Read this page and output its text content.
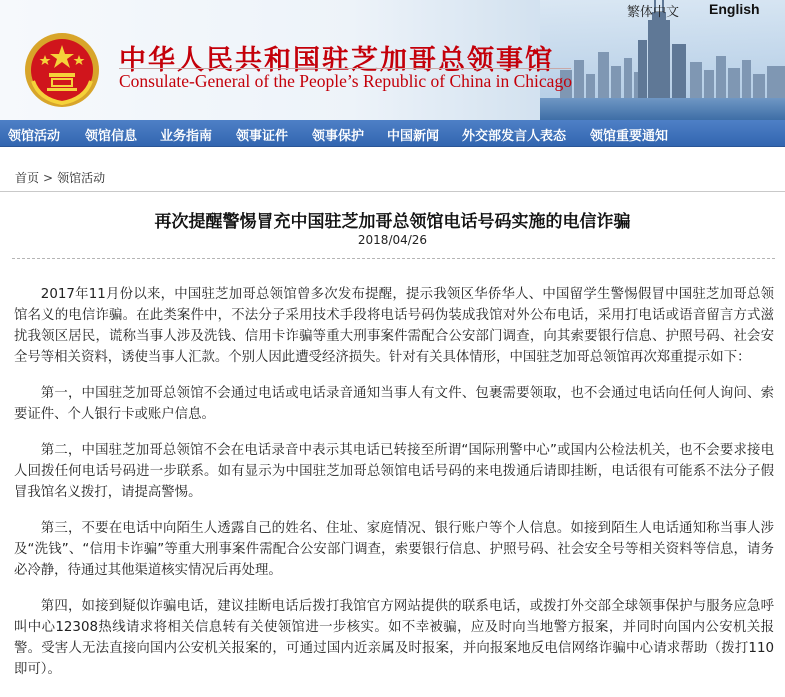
中华人民共和国驻芝加哥总领事馆
Consulate-General of the People’s Republic of China in Chicago
繁体中文 English
领馆活动 领馆信息 业务指南 领事证件 领事保护 中国新闻 外交部发言人表态 领馆重要通知
首页 > 领馆活动
再次提醒警惕冒充中国驻芝加哥总领馆电话号码实施的电信诈骗
2018/04/26

2017年11月份以来，中国驻芝加哥总领馆曾多次发布提醒，提示我领区华侨华人、中国留学生警惕假冒中国驻芝加哥总领馆名义的电信诈骗。在此类案件中，不法分子采用技术手段将电话号码伪装成我馆对外公布电话，采用打电话或语音留言方式滋扰我领区居民，谎称当事人涉及洗钱、信用卡诈骗等重大刑事案件需配合公安部门调查，向其索要银行信息、护照号码、社会安全号等相关资料，诱使当事人汇款。个别人因此遭受经济损失。针对有关具体情形，中国驻芝加哥总领馆再次郑重提示如下：

第一，中国驻芝加哥总领馆不会通过电话或电话录音通知当事人有文件、包裹需要领取，也不会通过电话向任何人询问、索要证件、个人银行卡或账户信息。

第二，中国驻芝加哥总领馆不会在电话录音中表示其电话已转接至所谓“国际刑警中心”或国内公检法机关，也不会要求接电人回拨任何电话号码进一步联系。如有显示为中国驻芝加哥总领馆电话号码的来电拨通后请即挂断，电话很有可能系不法分子假冒我馆名义拨打，请提高警惕。

第三，不要在电话中向陌生人透露自己的姓名、住址、家庭情况、银行账户等个人信息。如接到陌生人电话通知称当事人涉及“洗钱”、“信用卡诈骗”等重大刑事案件需配合公安部门调查，索要银行信息、护照号码、社会安全号等相关资料等信息，请务必冷静，待通过其他渠道核实情况后再处理。

第四，如接到疑似诈骗电话，建议挂断电话后拨打我馆官方网站提供的联系电话，或拨打外交部全球领事保护与服务应急呼叫中心12308热线请求将相关信息转有关使领馆进一步核实。如不幸被骗，应及时向当地警方报案，并同时向国内公安机关报警。受害人无法直接向国内公安机关报案的，可通过国内近亲属及时报案，并向报案地反电信网络诈骗中心请求帮助（拨打110即可）。
